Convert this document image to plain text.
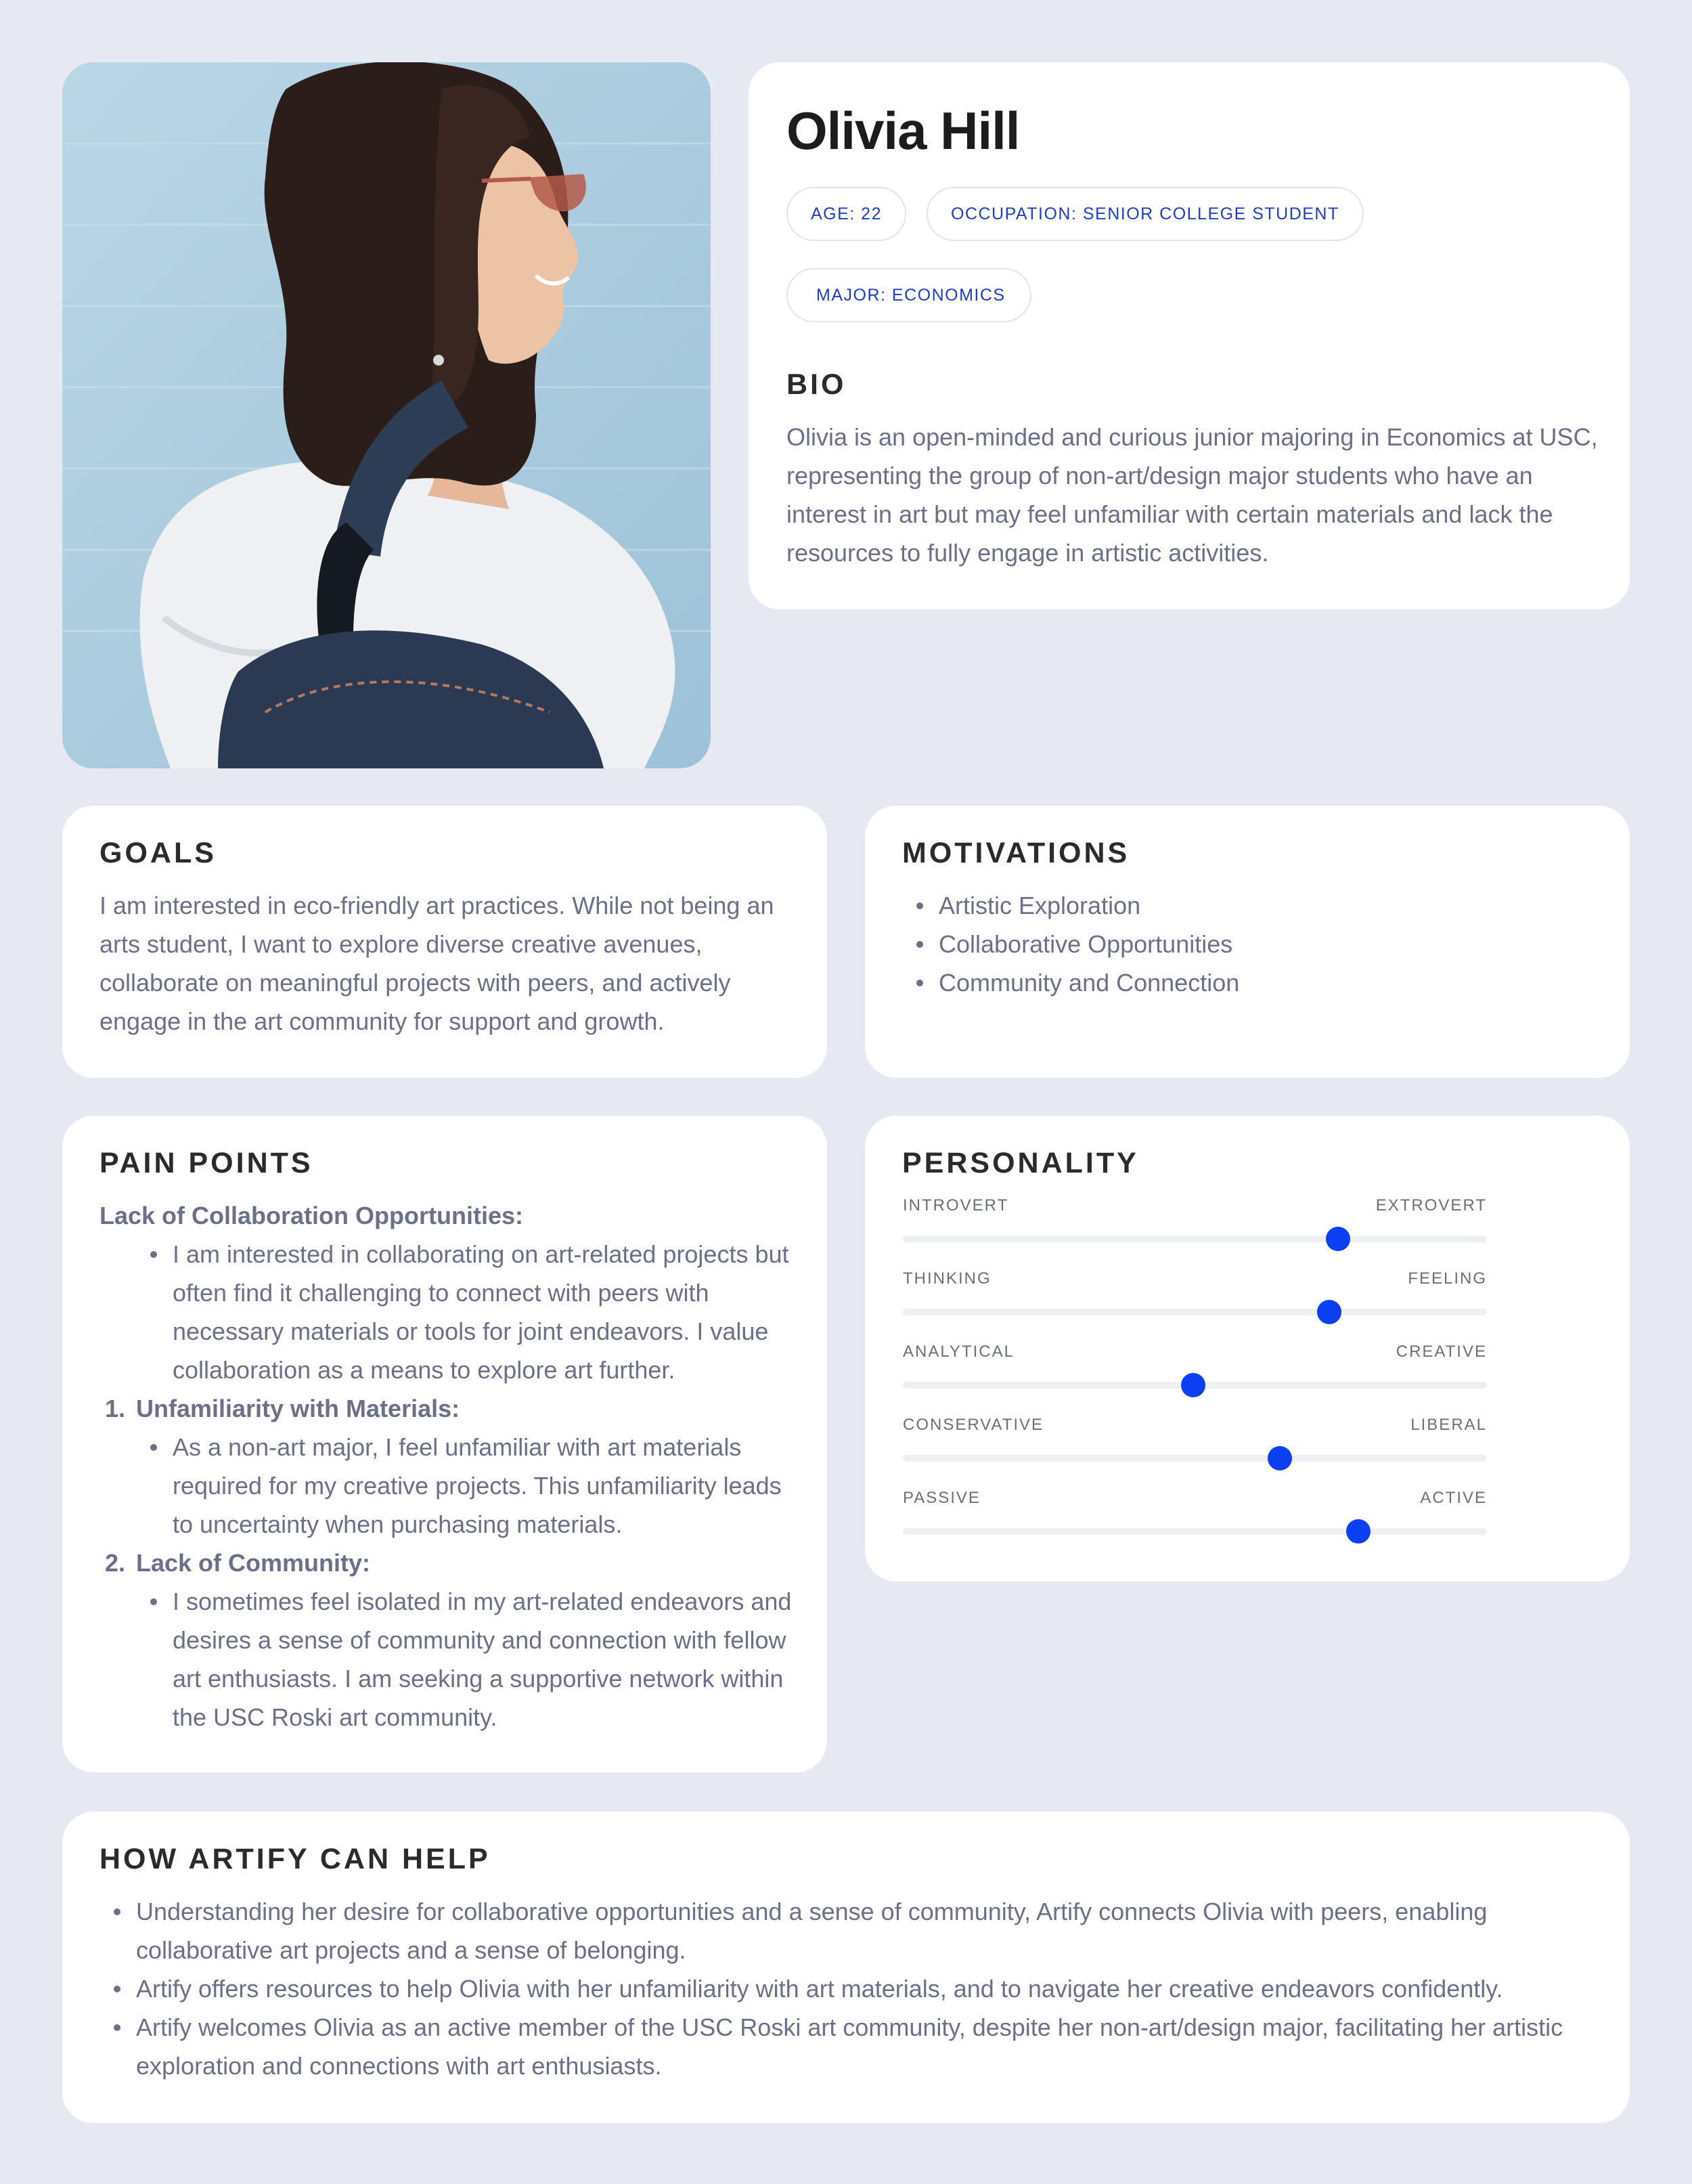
Olivia Hill
AGE: 22	OCCUPATION: SENIOR COLLEGE STUDENT
MAJOR: ECONOMICS
BIO

Olivia is an open-minded and curious junior majoring in Economics at USC, representing the group of non-art/design major students who have an interest in art but may feel unfamiliar with certain materials and lack the resources to fully engage in artistic activities.

GOALS

I am interested in eco-friendly art practices. While not being an arts student, I want to explore diverse creative avenues, collaborate on meaningful projects with peers, and actively engage in the art community for support and growth.

MOTIVATIONS
Artistic Exploration
Collaborative Opportunities
Community and Connection
PAIN POINTS
Lack of Collaboration Opportunities:
I am interested in collaborating on art-related projects but often find it challenging to connect with peers with necessary materials or tools for joint endeavors. I value collaboration as a means to explore art further.
1. Unfamiliarity with Materials:
As a non-art major, I feel unfamiliar with art materials required for my creative projects. This unfamiliarity leads to uncertainty when purchasing materials.
2. Lack of Community:
I sometimes feel isolated in my art-related endeavors and desires a sense of community and connection with fellow art enthusiasts. I am seeking a supportive network within the USC Roski art community.
PERSONALITY
INTROVERT	EXTROVERT
THINKING	FEELING
ANALYTICAL	CREATIVE
CONSERVATIVE	LIBERAL
PASSIVE	ACTIVE
HOW ARTIFY CAN HELP
Understanding her desire for collaborative opportunities and a sense of community, Artify connects Olivia with peers, enabling collaborative art projects and a sense of belonging.
Artify offers resources to help Olivia with her unfamiliarity with art materials, and to navigate her creative endeavors confidently.
Artify welcomes Olivia as an active member of the USC Roski art community, despite her non-art/design major, facilitating her artistic exploration and connections with art enthusiasts.
